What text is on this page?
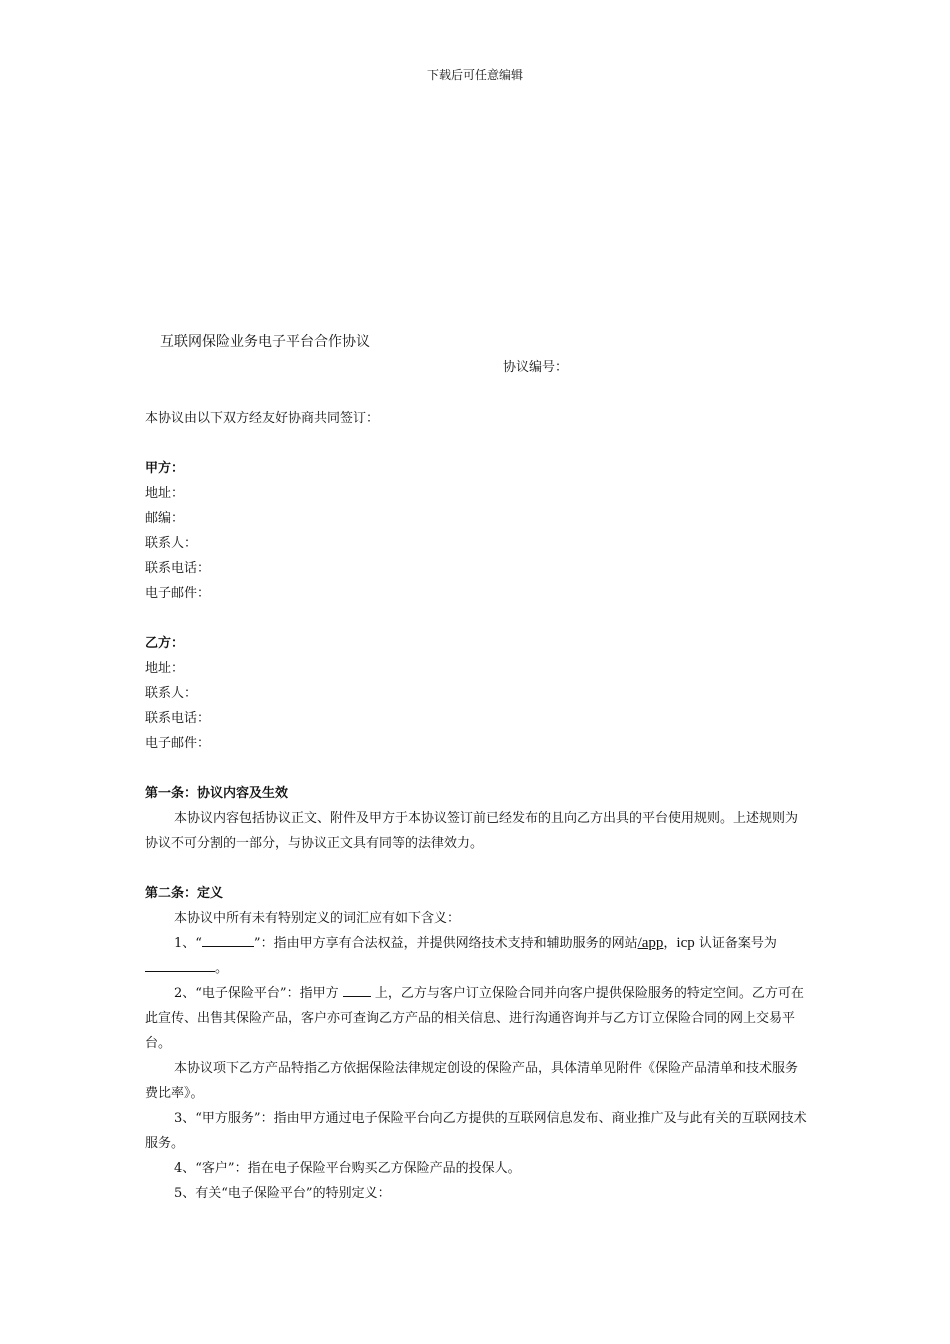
下载后可任意编辑
互联网保险业务电子平台合作协议
协议编号：
本协议由以下双方经友好协商共同签订：
甲方：
地址：
邮编：
联系人：
联系电话：
电子邮件：
乙方：
地址：
联系人：
联系电话：
电子邮件：
第一条：协议内容及生效
本协议内容包括协议正文、附件及甲方于本协议签订前已经发布的且向乙方出具的平台使用规则。上述规则为协议不可分割的一部分，与协议正文具有同等的法律效力。
第二条：定义
本协议中所有未有特别定义的词汇应有如下含义：
1、“	”：指由甲方享有合法权益，并提供网络技术支持和辅助服务的网站/app，icp 认证备案号为。
2、“电子保险平台”：指甲方	上，乙方与客户订立保险合同并向客户提供保险服务的特定空间。乙方可在此宣传、出售其保险产品，客户亦可查询乙方产品的相关信息、进行沟通咨询并与乙方订立保险合同的网上交易平台。
本协议项下乙方产品特指乙方依据保险法律规定创设的保险产品，具体清单见附件《保险产品清单和技术服务费比率》。
3、“甲方服务”：指由甲方通过电子保险平台向乙方提供的互联网信息发布、商业推广及与此有关的互联网技术服务。
4、“客户”：指在电子保险平台购买乙方保险产品的投保人。
5、有关“电子保险平台”的特别定义：
